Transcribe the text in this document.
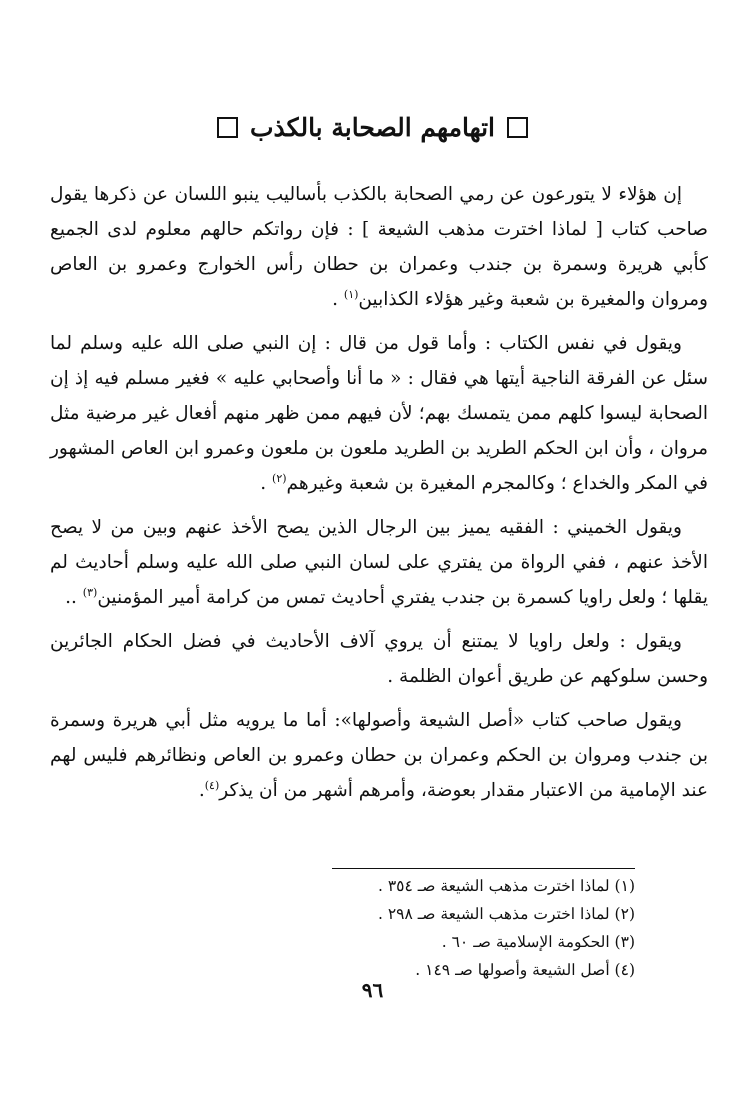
اتهامهم الصحابة بالكذب

إن هؤلاء لا يتورعون عن رمي الصحابة بالكذب بأساليب ينبو اللسان عن ذكرها يقول صاحب كتاب [ لماذا اخترت مذهب الشيعة ] : فإن رواتكم حالهم معلوم لدى الجميع كأبي هريرة وسمرة بن جندب وعمران بن حطان رأس الخوارج وعمرو بن العاص ومروان والمغيرة بن شعبة وغير هؤلاء الكذابين$^{(١)}$ .

ويقول في نفس الكتاب : وأما قول من قال : إن النبي صلى الله عليه وسلم لما سئل عن الفرقة الناجية أيتها هي فقال : « ما أنا وأصحابي عليه » فغير مسلم فيه إذ إن الصحابة ليسوا كلهم ممن يتمسك بهم؛ لأن فيهم ممن ظهر منهم أفعال غير مرضية مثل مروان ، وأن ابن الحكم الطريد بن الطريد ملعون بن ملعون وعمرو ابن العاص المشهور في المكر والخداع ؛ وكالمجرم المغيرة بن شعبة وغيرهم$^{(٢)}$ .

ويقول الخميني : الفقيه يميز بين الرجال الذين يصح الأخذ عنهم وبين من لا يصح الأخذ عنهم ، ففي الرواة من يفتري على لسان النبي صلى الله عليه وسلم أحاديث لم يقلها ؛ ولعل راويا كسمرة بن جندب يفتري أحاديث تمس من كرامة أمير المؤمنين$^{(٣)}$ ..

ويقول : ولعل راويا لا يمتنع أن يروي آلاف الأحاديث في فضل الحكام الجائرين وحسن سلوكهم عن طريق أعوان الظلمة .

ويقول صاحب كتاب «أصل الشيعة وأصولها»: أما ما يرويه مثل أبي هريرة وسمرة بن جندب ومروان بن الحكم وعمران بن حطان وعمرو بن العاص ونظائرهم فليس لهم عند الإمامية من الاعتبار مقدار بعوضة، وأمرهم أشهر من أن يذكر$^{(٤)}$.

(١) لماذا اخترت مذهب الشيعة صـ ٣٥٤ .
(٢) لماذا اخترت مذهب الشيعة صـ ٢٩٨ .
(٣) الحكومة الإسلامية صـ ٦٠ .
(٤) أصل الشيعة وأصولها صـ ١٤٩ .
٩٦
